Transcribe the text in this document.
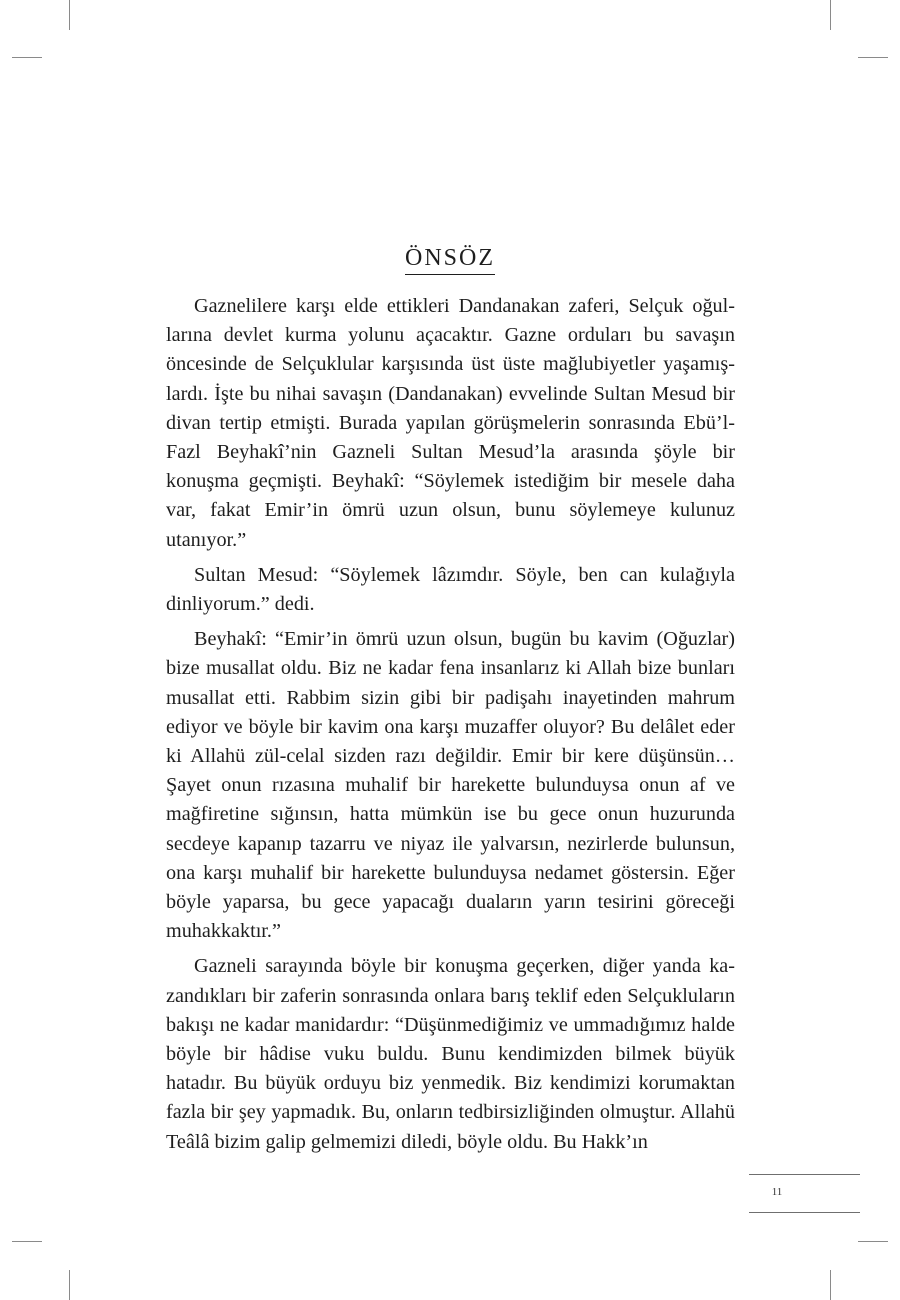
ÖNSÖZ

Gaznelilere karşı elde ettikleri Dandanakan zaferi, Selçuk oğullarına devlet kurma yolunu açacaktır. Gazne orduları bu savaşın öncesinde de Selçuklular karşısında üst üste mağlubiyetler yaşamışlardı. İşte bu nihai savaşın (Dandanakan) evvelinde Sultan Mesud bir divan tertip etmişti. Burada yapılan görüşmelerin sonrasında Ebü’l-Fazl Beyhakî’nin Gazneli Sultan Mesud’la arasında şöyle bir konuşma geçmişti. Beyhakî: “Söylemek istediğim bir mesele daha var, fakat Emir’in ömrü uzun olsun, bunu söylemeye kulunuz utanıyor.”

Sultan Mesud: “Söylemek lâzımdır. Söyle, ben can kulağıyla dinliyorum.” dedi.

Beyhakî: “Emir’in ömrü uzun olsun, bugün bu kavim (Oğuzlar) bize musallat oldu. Biz ne kadar fena insanlarız ki Allah bize bunları musallat etti. Rabbim sizin gibi bir padişahı inayetinden mahrum ediyor ve böyle bir kavim ona karşı muzaffer oluyor? Bu delâlet eder ki Allahü zül-celal sizden razı değildir. Emir bir kere düşünsün… Şayet onun rızasına muhalif bir harekette bulunduysa onun af ve mağfiretine sığınsın, hatta mümkün ise bu gece onun huzurunda secdeye kapanıp tazarru ve niyaz ile yalvarsın, nezirlerde bulunsun, ona karşı muhalif bir harekette bulunduysa nedamet göstersin. Eğer böyle yaparsa, bu gece yapacağı duaların yarın tesirini göreceği muhakkaktır.”

Gazneli sarayında böyle bir konuşma geçerken, diğer yanda kazandıkları bir zaferin sonrasında onlara barış teklif eden Selçukluların bakışı ne kadar manidardır: “Düşünmediğimiz ve ummadığımız halde böyle bir hâdise vuku buldu. Bunu kendimizden bilmek büyük hatadır. Bu büyük orduyu biz yenmedik. Biz kendimizi korumaktan fazla bir şey yapmadık. Bu, onların tedbirsizliğinden olmuştur. Allahü Teâlâ bizim galip gelmemizi diledi, böyle oldu. Bu Hakk’ın

11
